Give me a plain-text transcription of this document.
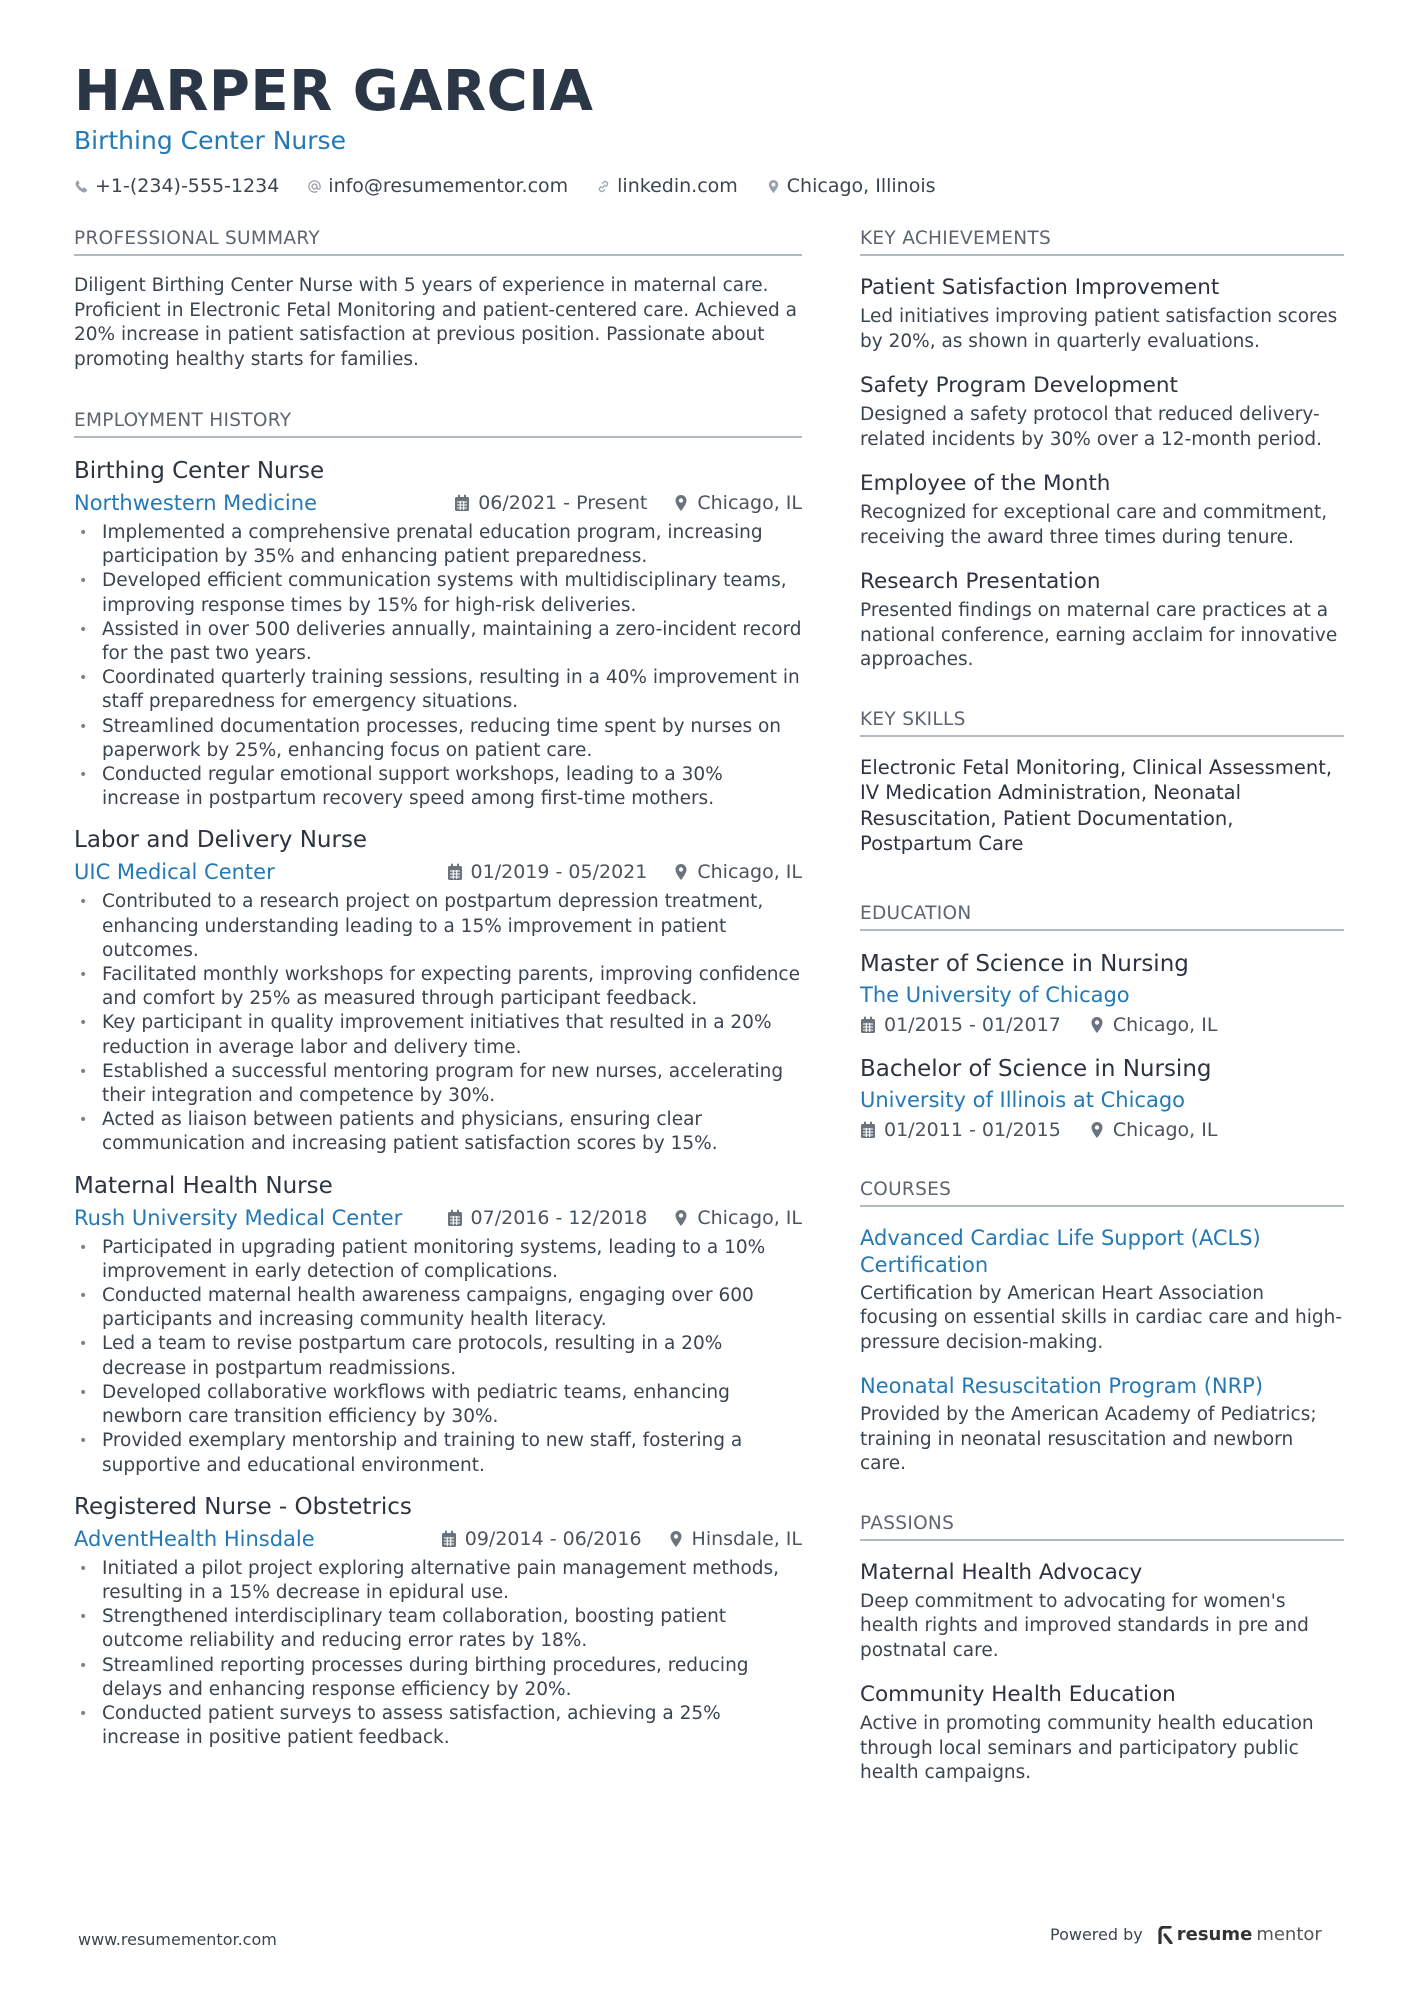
HARPER GARCIA
Birthing Center Nurse
+1-(234)-555-1234	info@resumementor.com	linkedin.com	Chicago, Illinois
PROFESSIONAL SUMMARY

Diligent Birthing Center Nurse with 5 years of experience in maternal care. Proficient in Electronic Fetal Monitoring and patient-centered care. Achieved a 20% increase in patient satisfaction at previous position. Passionate about promoting healthy starts for families.

EMPLOYMENT HISTORY
Birthing Center Nurse
Northwestern Medicine	06/2021 - Present	Chicago, IL
• Implemented a comprehensive prenatal education program, increasing participation by 35% and enhancing patient preparedness.
• Developed efficient communication systems with multidisciplinary teams, improving response times by 15% for high-risk deliveries.
• Assisted in over 500 deliveries annually, maintaining a zero-incident record for the past two years.
• Coordinated quarterly training sessions, resulting in a 40% improvement in staff preparedness for emergency situations.
• Streamlined documentation processes, reducing time spent by nurses on paperwork by 25%, enhancing focus on patient care.
• Conducted regular emotional support workshops, leading to a 30% increase in postpartum recovery speed among first-time mothers.
Labor and Delivery Nurse
UIC Medical Center	01/2019 - 05/2021	Chicago, IL
• Contributed to a research project on postpartum depression treatment, enhancing understanding leading to a 15% improvement in patient outcomes.
• Facilitated monthly workshops for expecting parents, improving confidence and comfort by 25% as measured through participant feedback.
• Key participant in quality improvement initiatives that resulted in a 20% reduction in average labor and delivery time.
• Established a successful mentoring program for new nurses, accelerating their integration and competence by 30%.
• Acted as liaison between patients and physicians, ensuring clear communication and increasing patient satisfaction scores by 15%.
Maternal Health Nurse
Rush University Medical Center	07/2016 - 12/2018	Chicago, IL
• Participated in upgrading patient monitoring systems, leading to a 10% improvement in early detection of complications.
• Conducted maternal health awareness campaigns, engaging over 600 participants and increasing community health literacy.
• Led a team to revise postpartum care protocols, resulting in a 20% decrease in postpartum readmissions.
• Developed collaborative workflows with pediatric teams, enhancing newborn care transition efficiency by 30%.
• Provided exemplary mentorship and training to new staff, fostering a supportive and educational environment.
Registered Nurse - Obstetrics
AdventHealth Hinsdale	09/2014 - 06/2016	Hinsdale, IL
• Initiated a pilot project exploring alternative pain management methods, resulting in a 15% decrease in epidural use.
• Strengthened interdisciplinary team collaboration, boosting patient outcome reliability and reducing error rates by 18%.
• Streamlined reporting processes during birthing procedures, reducing delays and enhancing response efficiency by 20%.
• Conducted patient surveys to assess satisfaction, achieving a 25% increase in positive patient feedback.
KEY ACHIEVEMENTS
Patient Satisfaction Improvement
Led initiatives improving patient satisfaction scores by 20%, as shown in quarterly evaluations.
Safety Program Development
Designed a safety protocol that reduced delivery-related incidents by 30% over a 12-month period.
Employee of the Month
Recognized for exceptional care and commitment, receiving the award three times during tenure.
Research Presentation
Presented findings on maternal care practices at a national conference, earning acclaim for innovative approaches.
KEY SKILLS
Electronic Fetal Monitoring, Clinical Assessment, IV Medication Administration, Neonatal Resuscitation, Patient Documentation, Postpartum Care
EDUCATION
Master of Science in Nursing
The University of Chicago
01/2015 - 01/2017	Chicago, IL
Bachelor of Science in Nursing
University of Illinois at Chicago
01/2011 - 01/2015	Chicago, IL
COURSES
Advanced Cardiac Life Support (ACLS) Certification
Certification by American Heart Association focusing on essential skills in cardiac care and high-pressure decision-making.
Neonatal Resuscitation Program (NRP)
Provided by the American Academy of Pediatrics; training in neonatal resuscitation and newborn care.
PASSIONS
Maternal Health Advocacy
Deep commitment to advocating for women's health rights and improved standards in pre and postnatal care.
Community Health Education
Active in promoting community health education through local seminars and participatory public health campaigns.
www.resumementor.com	Powered by resume mentor
